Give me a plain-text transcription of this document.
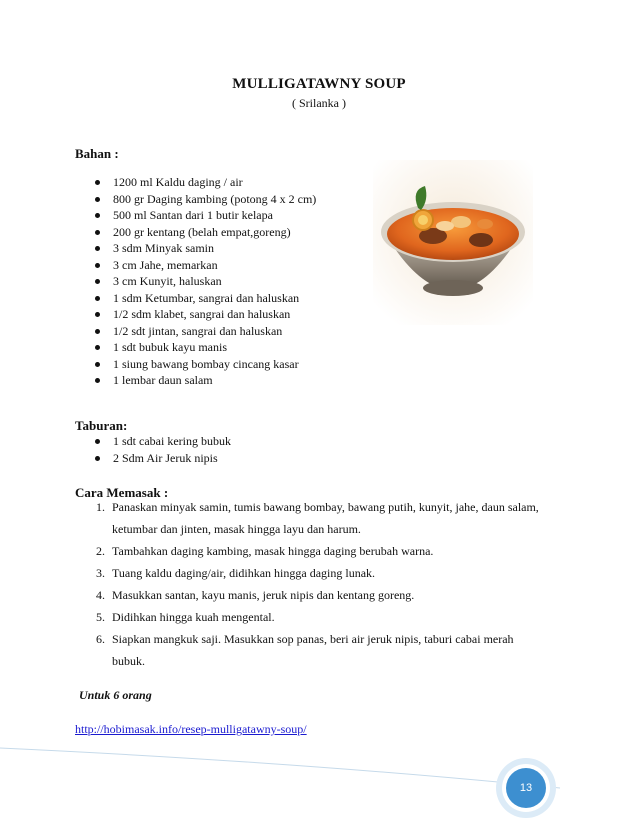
MULLIGATAWNY SOUP
( Srilanka )
Bahan :
1200 ml Kaldu daging / air
800 gr Daging kambing (potong 4 x 2 cm)
500 ml Santan dari 1 butir kelapa
200 gr kentang (belah empat,goreng)
3 sdm Minyak samin
3 cm Jahe, memarkan
3 cm Kunyit, haluskan
1 sdm Ketumbar, sangrai dan haluskan
1/2 sdm klabet, sangrai dan haluskan
1/2 sdt jintan, sangrai dan haluskan
1 sdt bubuk kayu manis
1 siung bawang bombay cincang kasar
1 lembar daun salam
Taburan:
1 sdt cabai kering bubuk
2 Sdm Air Jeruk nipis
Cara Memasak :
1. Panaskan minyak samin, tumis bawang bombay, bawang putih, kunyit, jahe, daun salam, ketumbar dan jinten, masak hingga layu dan harum.
2. Tambahkan daging kambing, masak hingga daging berubah warna.
3. Tuang kaldu daging/air, didihkan hingga daging lunak.
4. Masukkan santan, kayu manis, jeruk nipis dan kentang goreng.
5. Didihkan hingga kuah mengental.
6. Siapkan mangkuk saji. Masukkan sop panas, beri air jeruk nipis, taburi cabai merah bubuk.
Untuk 6 orang
http://hobimasak.info/resep-mulligatawny-soup/
13
